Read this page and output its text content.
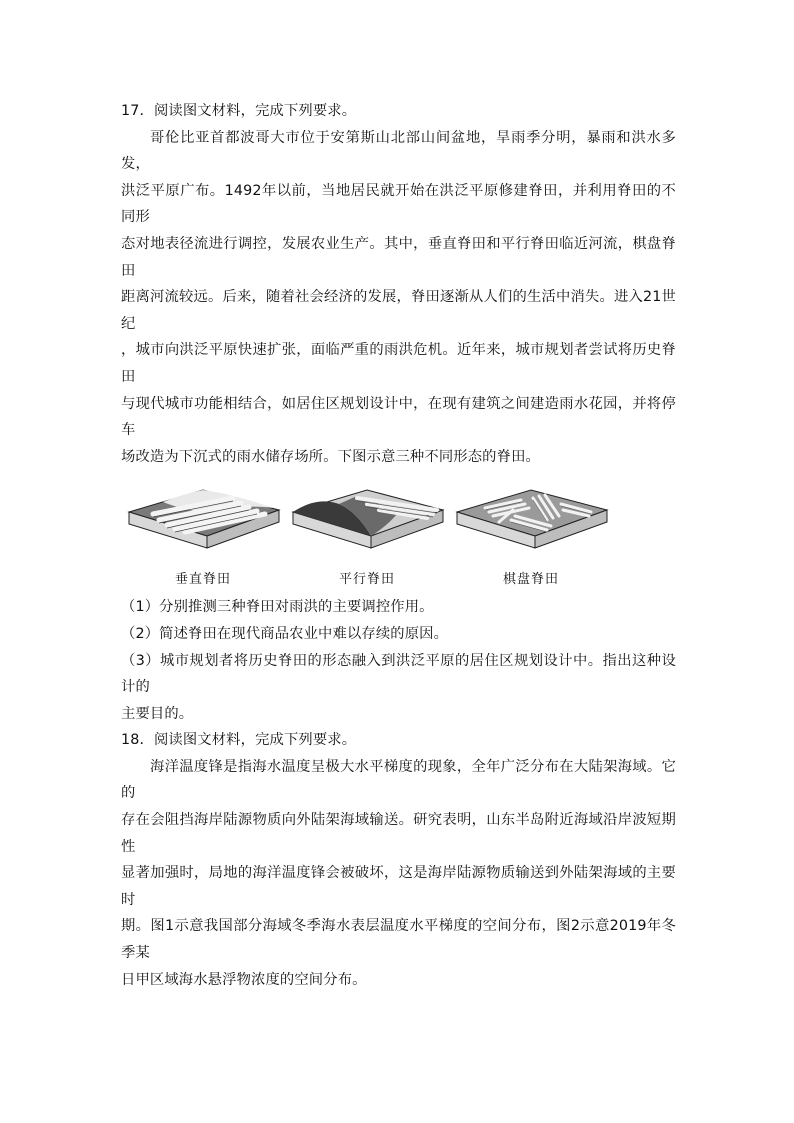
17．阅读图文材料，完成下列要求。

哥伦比亚首都波哥大市位于安第斯山北部山间盆地，旱雨季分明，暴雨和洪水多发，

洪泛平原广布。1492年以前，当地居民就开始在洪泛平原修建脊田，并利用脊田的不同形

态对地表径流进行调控，发展农业生产。其中，垂直脊田和平行脊田临近河流，棋盘脊田

距离河流较远。后来，随着社会经济的发展，脊田逐渐从人们的生活中消失。进入21世纪

，城市向洪泛平原快速扩张，面临严重的雨洪危机。近年来，城市规划者尝试将历史脊田

与现代城市功能相结合，如居住区规划设计中，在现有建筑之间建造雨水花园，并将停车

场改造为下沉式的雨水储存场所。下图示意三种不同形态的脊田。

垂直脊田	平行脊田	棋盘脊田

（1）分别推测三种脊田对雨洪的主要调控作用。

（2）简述脊田在现代商品农业中难以存续的原因。

（3）城市规划者将历史脊田的形态融入到洪泛平原的居住区规划设计中。指出这种设计的

主要目的。

18．阅读图文材料，完成下列要求。

海洋温度锋是指海水温度呈极大水平梯度的现象，全年广泛分布在大陆架海域。它的

存在会阻挡海岸陆源物质向外陆架海域输送。研究表明，山东半岛附近海域沿岸波短期性

显著加强时，局地的海洋温度锋会被破坏，这是海岸陆源物质输送到外陆架海域的主要时

期。图1示意我国部分海域冬季海水表层温度水平梯度的空间分布，图2示意2019年冬季某

日甲区域海水悬浮物浓度的空间分布。
